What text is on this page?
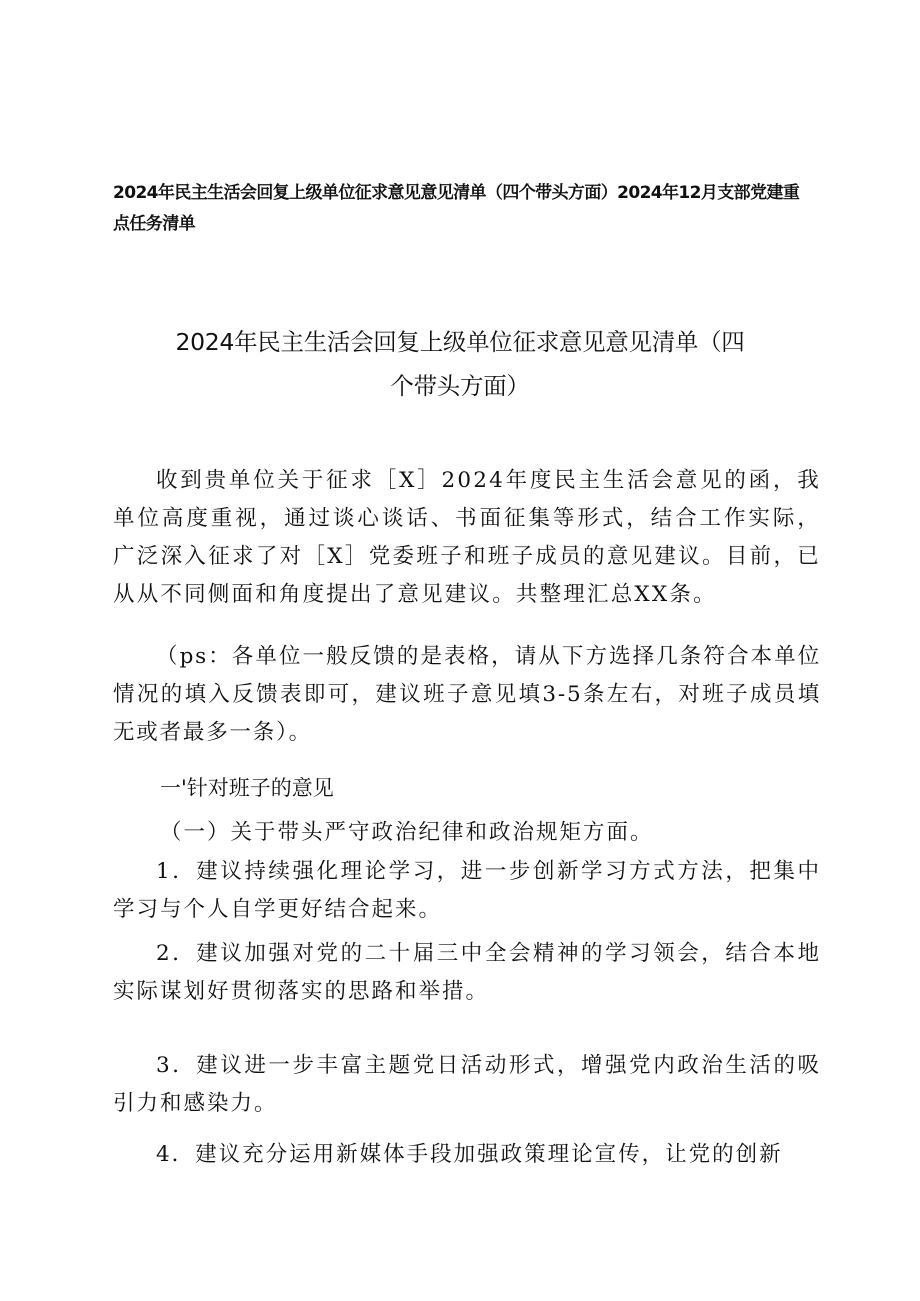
2024年民主生活会回复上级单位征求意见意见清单（四个带头方面）2024年12月支部党建重点任务清单
2024年民主生活会回复上级单位征求意见意见清单（四
个带头方面）

收到贵单位关于征求［X］2024年度民主生活会意见的函，我单位高度重视，通过谈心谈话、书面征集等形式，结合工作实际，广泛深入征求了对［X］党委班子和班子成员的意见建议。目前，已从从不同侧面和角度提出了意见建议。共整理汇总XX条。

（ps：各单位一般反馈的是表格，请从下方选择几条符合本单位情况的填入反馈表即可，建议班子意见填3-5条左右，对班子成员填无或者最多一条）。

一'针对班子的意见

（一）关于带头严守政治纪律和政治规矩方面。

1．建议持续强化理论学习，进一步创新学习方式方法，把集中学习与个人自学更好结合起来。

2．建议加强对党的二十届三中全会精神的学习领会，结合本地实际谋划好贯彻落实的思路和举措。

3．建议进一步丰富主题党日活动形式，增强党内政治生活的吸引力和感染力。

4．建议充分运用新媒体手段加强政策理论宣传，让党的创新
